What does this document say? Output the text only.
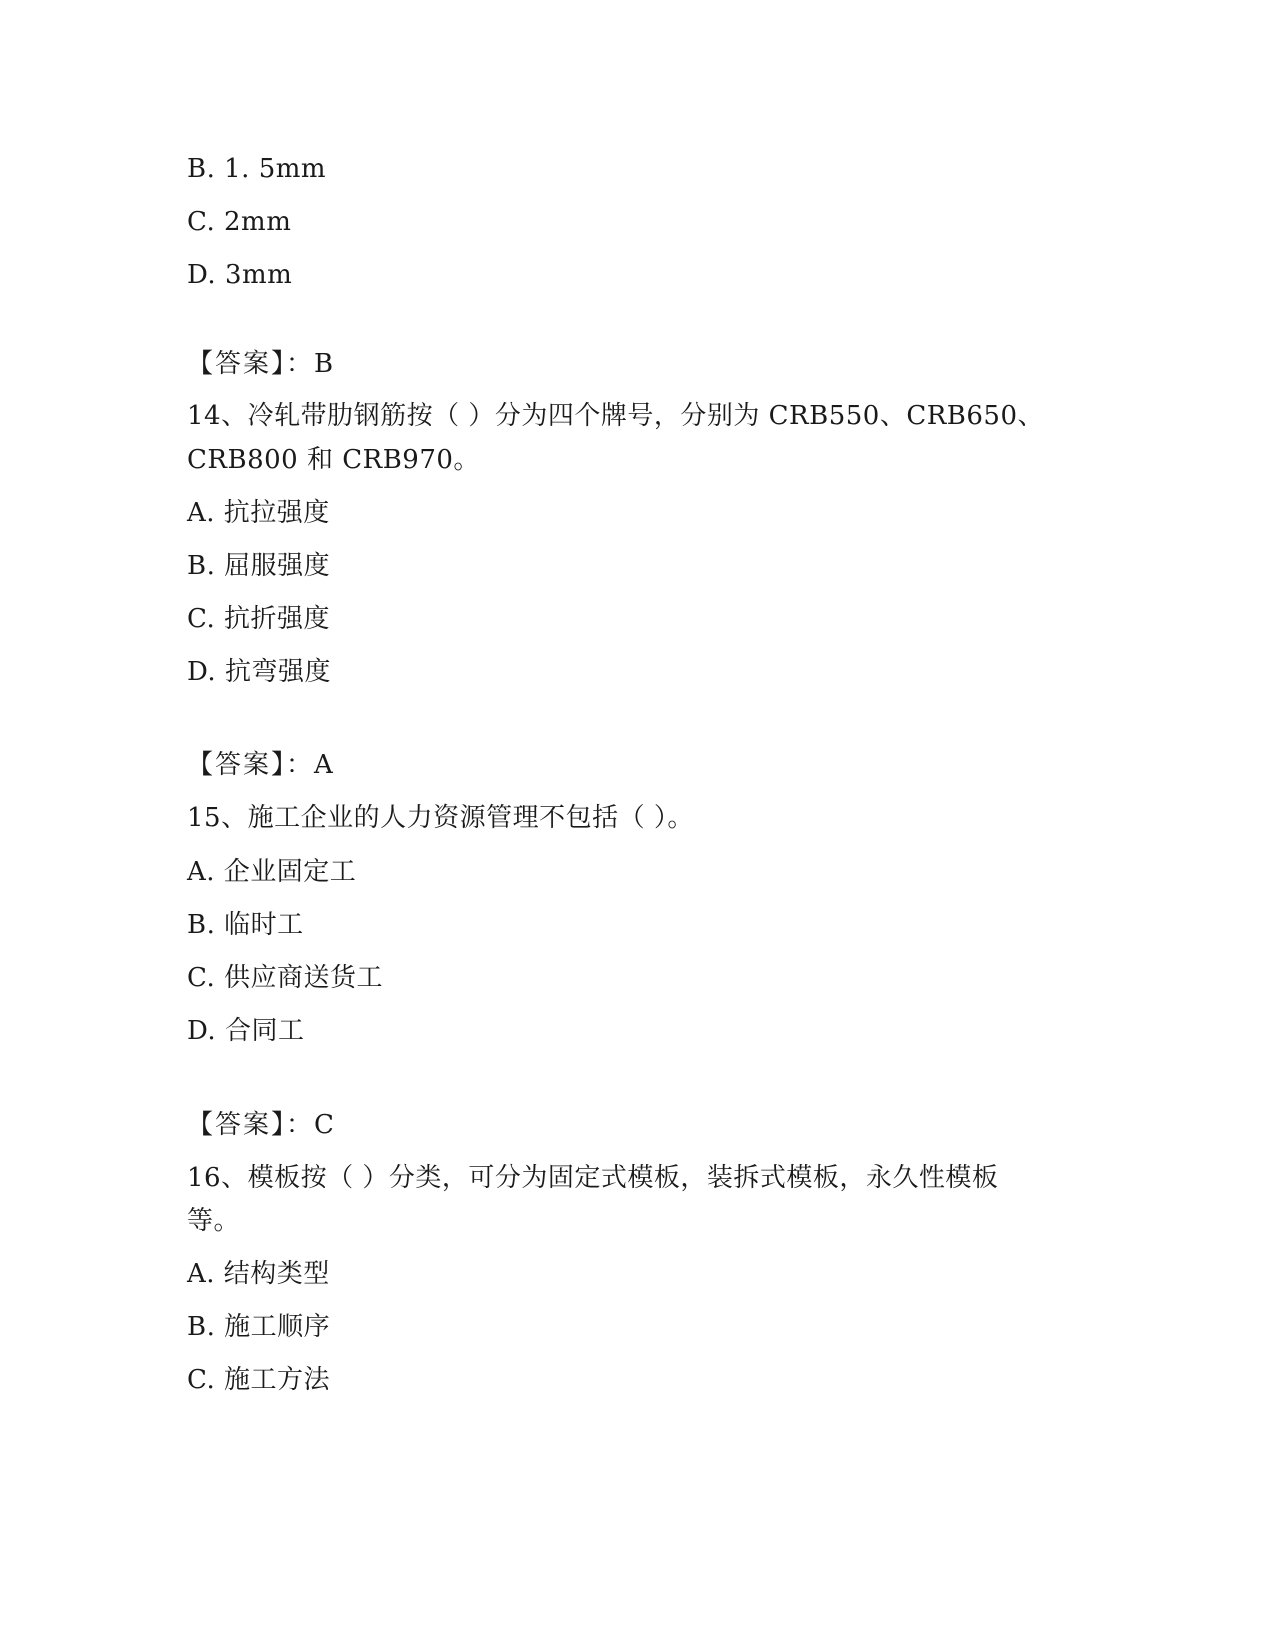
B. 1. 5mm
C. 2mm
D. 3mm
【答案】：B
14、冷轧带肋钢筋按（ ）分为四个牌号，分别为 CRB550、CRB650、
CRB800 和 CRB970。
A. 抗拉强度
B. 屈服强度
C. 抗折强度
D. 抗弯强度
【答案】：A
15、施工企业的人力资源管理不包括（ ）。
A. 企业固定工
B. 临时工
C. 供应商送货工
D. 合同工
【答案】：C
16、模板按（ ）分类，可分为固定式模板，装拆式模板，永久性模板
等。
A. 结构类型
B. 施工顺序
C. 施工方法
